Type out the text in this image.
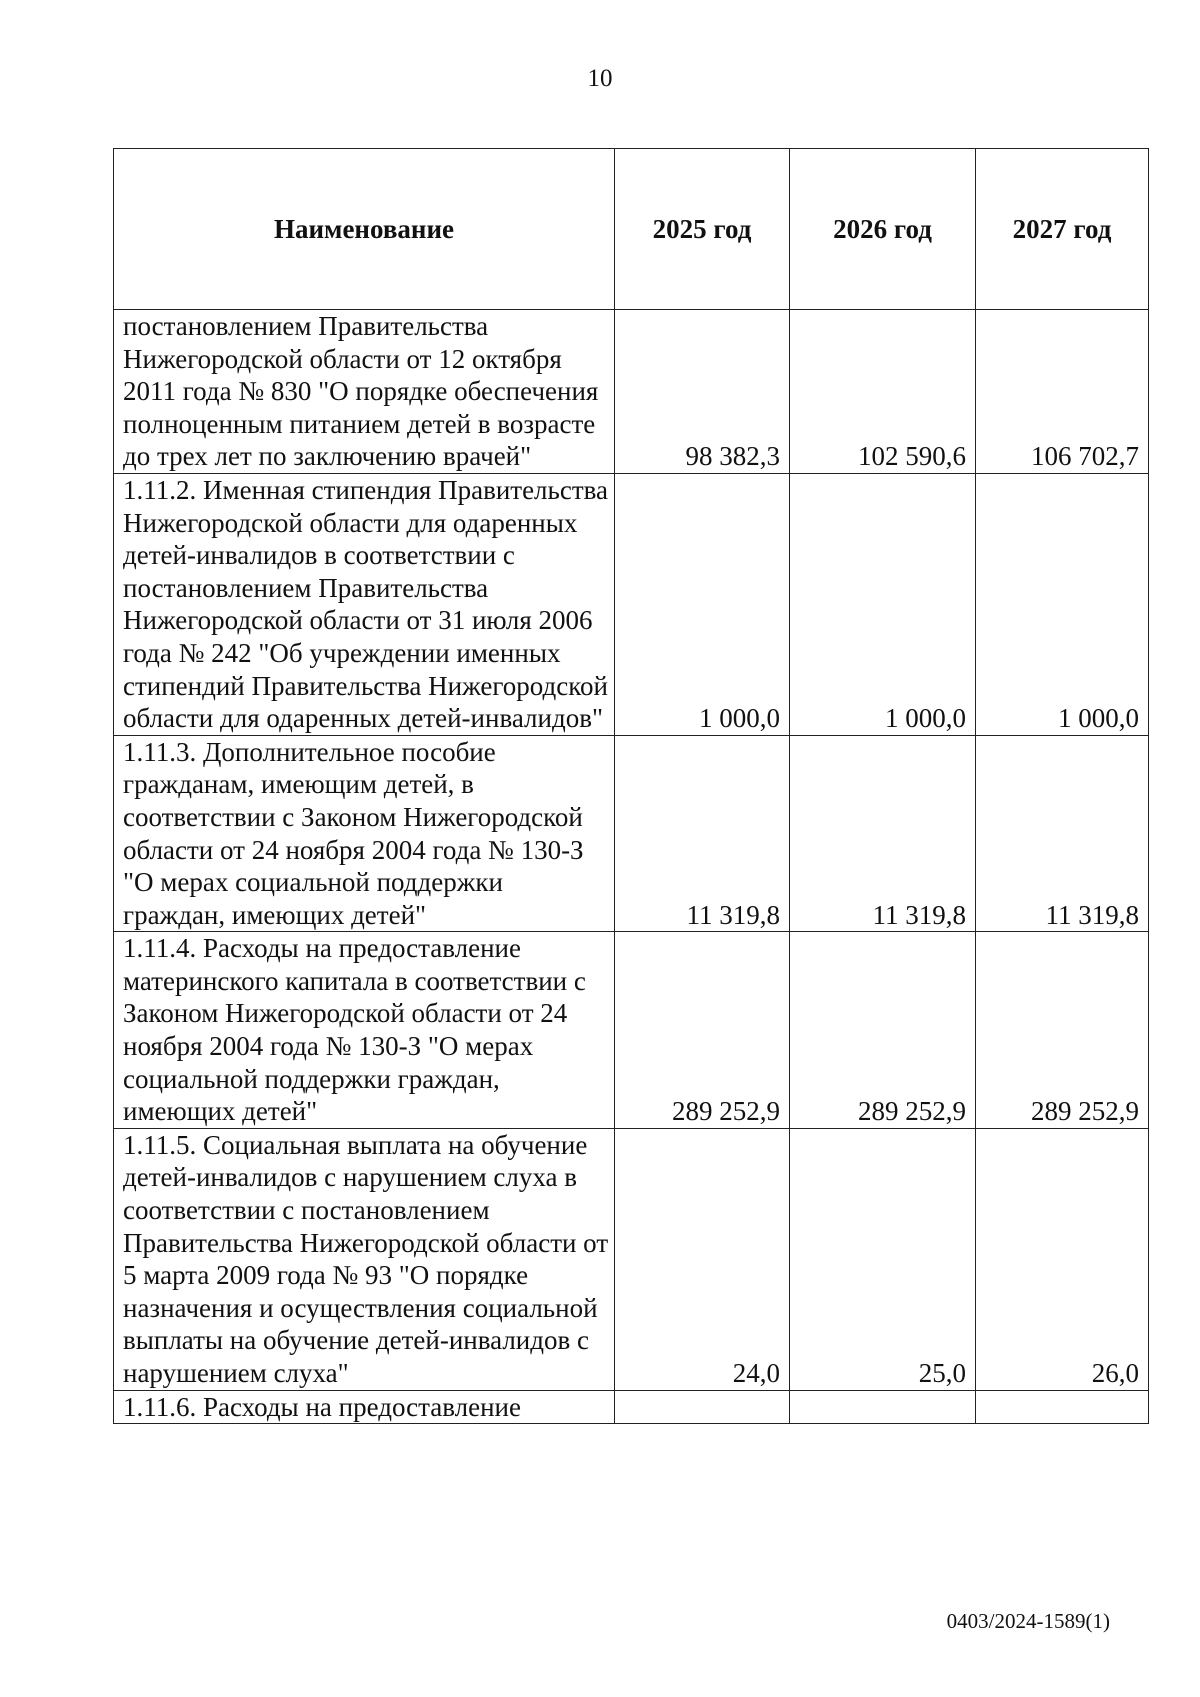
10
Наименование	2025 год	2026 год	2027 год
постановлением Правительства Нижегородской области от 12 октября 2011 года № 830 "О порядке обеспечения полноценным питанием детей в возрасте до трех лет по заключению врачей"	98 382,3	102 590,6	106 702,7
1.11.2. Именная стипендия Правительства Нижегородской области для одаренных детей-инвалидов в соответствии с постановлением Правительства Нижегородской области от 31 июля 2006 года № 242 "Об учреждении именных стипендий Правительства Нижегородской области для одаренных детей-инвалидов"	1 000,0	1 000,0	1 000,0
1.11.3. Дополнительное пособие гражданам, имеющим детей, в соответствии с Законом Нижегородской области от 24 ноября 2004 года № 130-З "О мерах социальной поддержки граждан, имеющих детей"	11 319,8	11 319,8	11 319,8
1.11.4. Расходы на предоставление материнского капитала в соответствии с Законом Нижегородской области от 24 ноября 2004 года № 130-З "О мерах социальной поддержки граждан, имеющих детей"	289 252,9	289 252,9	289 252,9
1.11.5. Социальная выплата на обучение детей-инвалидов с нарушением слуха в соответствии с постановлением Правительства Нижегородской области от 5 марта 2009 года № 93 "О порядке назначения и осуществления социальной выплаты на обучение детей-инвалидов с нарушением слуха"	24,0	25,0	26,0
1.11.6. Расходы на предоставление			
0403/2024-1589(1)
